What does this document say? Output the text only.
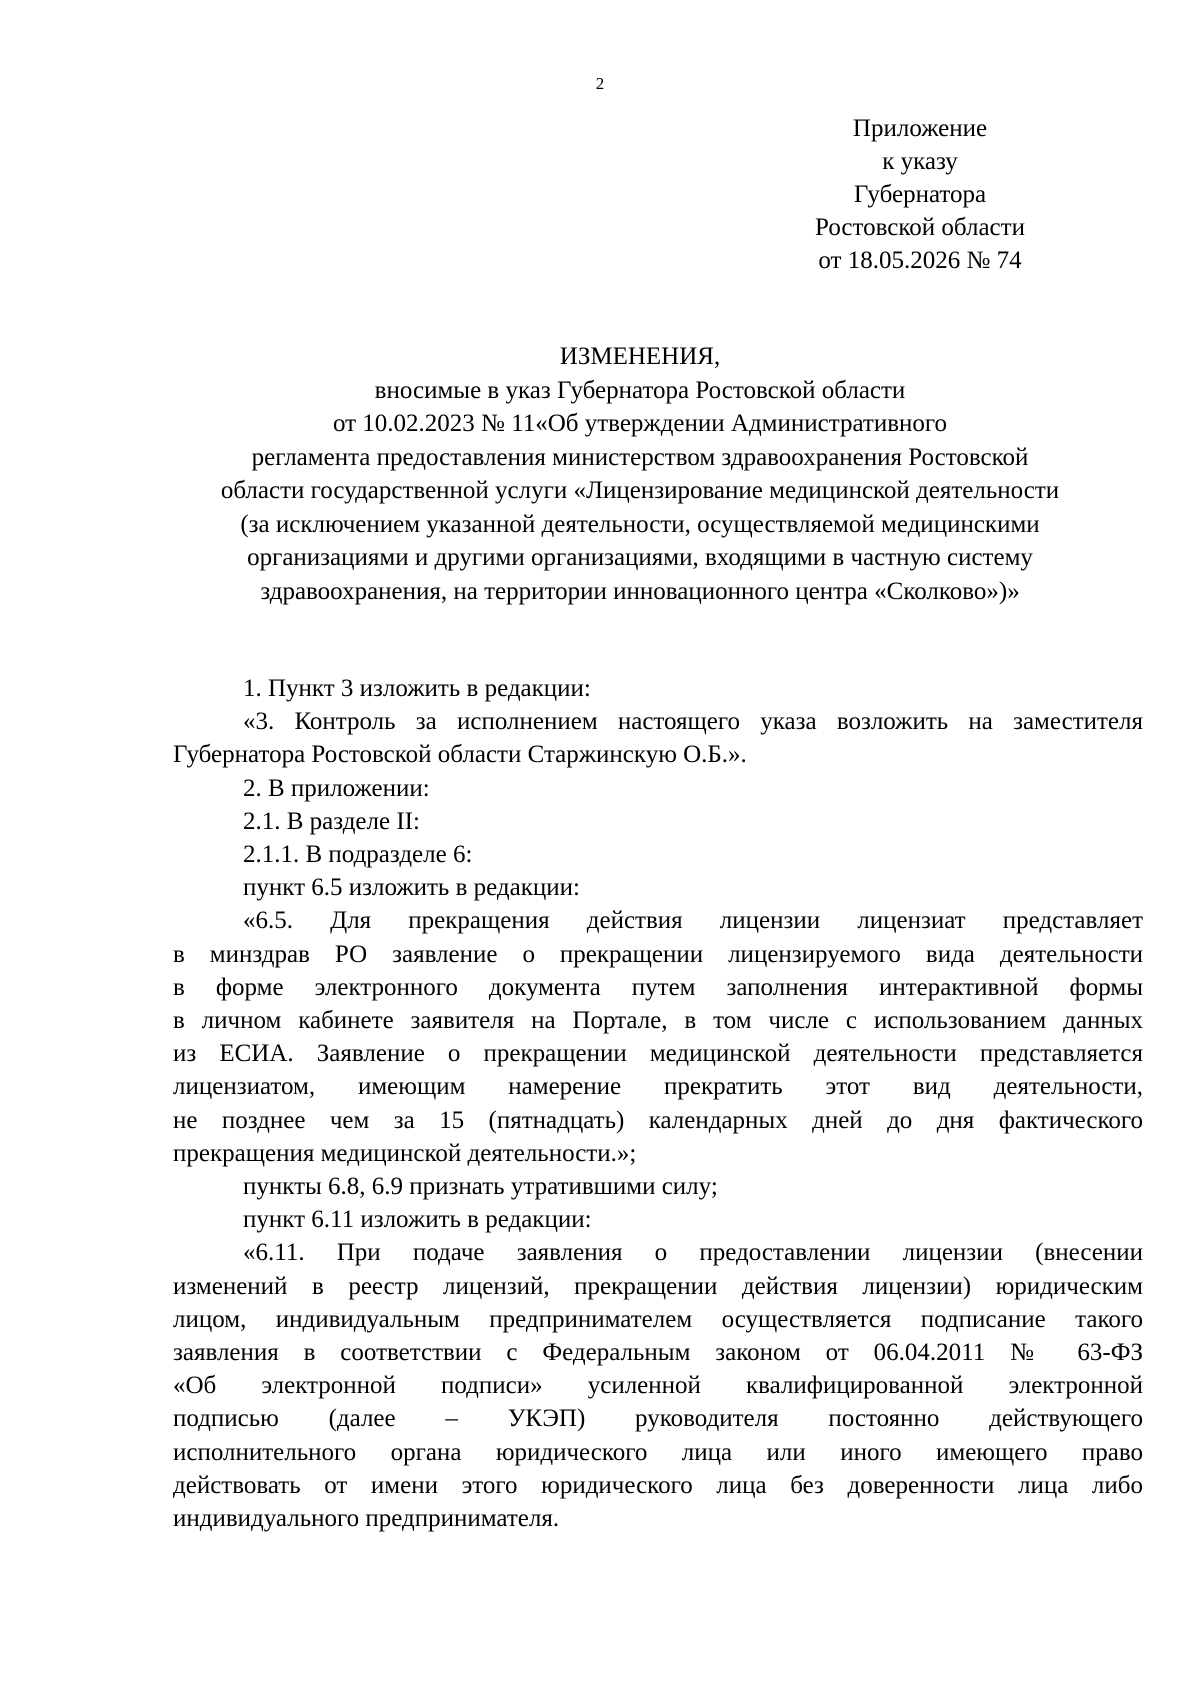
2
Приложение
к указу
Губернатора
Ростовской области
от 18.05.2026 № 74
ИЗМЕНЕНИЯ,
вносимые в указ Губернатора Ростовской области
от 10.02.2023 № 11«Об утверждении Административного
регламента предоставления министерством здравоохранения Ростовской
области государственной услуги «Лицензирование медицинской деятельности
(за исключением указанной деятельности, осуществляемой медицинскими
организациями и другими организациями, входящими в частную систему
здравоохранения, на территории инновационного центра «Сколково»)»
1. Пункт 3 изложить в редакции:
«3. Контроль за исполнением настоящего указа возложить на заместителя
Губернатора Ростовской области Старжинскую О.Б.».
2. В приложении:
2.1. В разделе II:
2.1.1. В подразделе 6:
пункт 6.5 изложить в редакции:
«6.5. Для прекращения действия лицензии лицензиат представляет
в минздрав РО заявление о прекращении лицензируемого вида деятельности
в форме электронного документа путем заполнения интерактивной формы
в личном кабинете заявителя на Портале, в том числе с использованием данных
из ЕСИА. Заявление о прекращении медицинской деятельности представляется
лицензиатом, имеющим намерение прекратить этот вид деятельности,
не позднее чем за 15 (пятнадцать) календарных дней до дня фактического
прекращения медицинской деятельности.»;
пункты 6.8, 6.9 признать утратившими силу;
пункт 6.11 изложить в редакции:
«6.11. При подаче заявления о предоставлении лицензии (внесении
изменений в реестр лицензий, прекращении действия лицензии) юридическим
лицом, индивидуальным предпринимателем осуществляется подписание такого
заявления в соответствии с Федеральным законом от 06.04.2011 № 63-ФЗ
«Об электронной подписи» усиленной квалифицированной электронной
подписью (далее – УКЭП) руководителя постоянно действующего
исполнительного органа юридического лица или иного имеющего право
действовать от имени этого юридического лица без доверенности лица либо
индивидуального предпринимателя.
